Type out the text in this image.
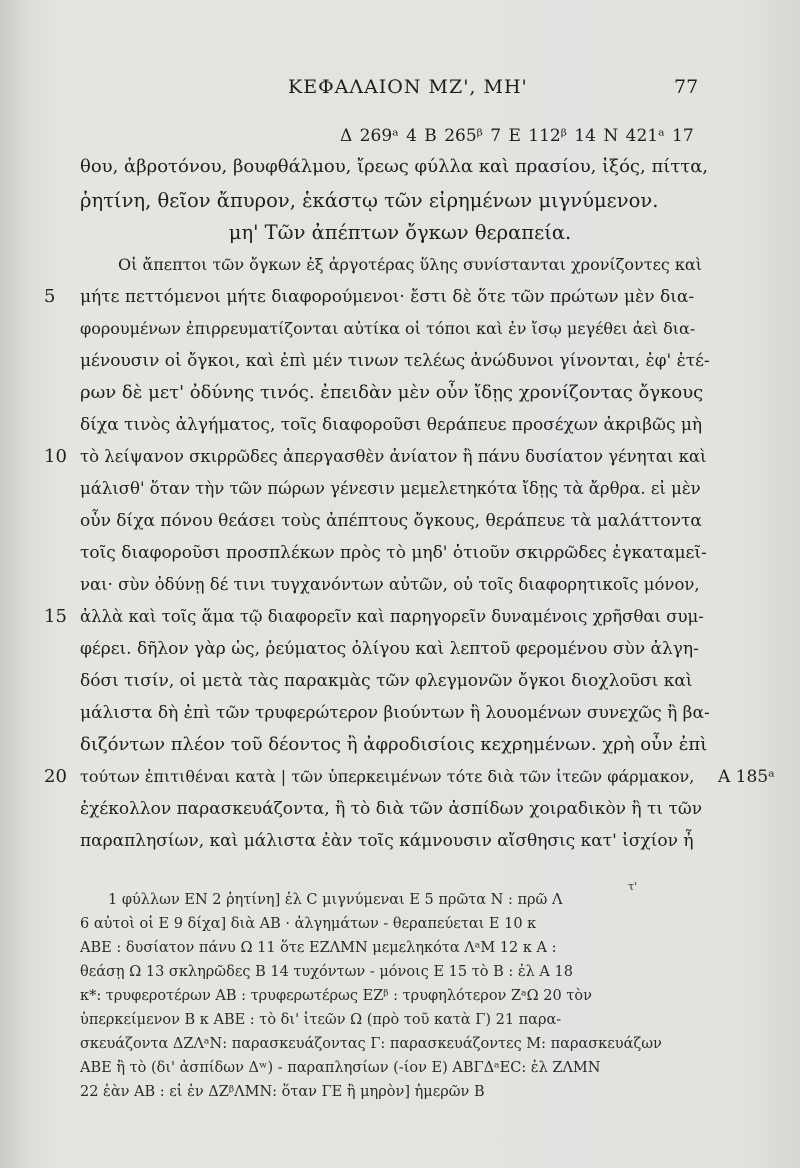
ΚΕΦΑΛΑΙΟΝ ΜΖ', ΜΗ'	77
Δ 269ᵃ 4 Β 265ᵝ 7 Ε 112ᵝ 14 Ν 421ᵃ 17
θου, ἀβροτόνου, βουφθάλμου, ἴρεως φύλλα καὶ πρασίου, ἰξός, πίττα,
ῥητίνη, θεῖον ἄπυρον, ἑκάστῳ τῶν εἰρημένων μιγνύμενον.
μη' Τῶν ἀπέπτων ὄγκων θεραπεία.
Οἱ ἄπεπτοι τῶν ὄγκων ἐξ ἀργοτέρας ὕλης συνίστανται χρονίζοντες καὶ
μήτε πεττόμενοι μήτε διαφορούμενοι· ἔστι δὲ ὅτε τῶν πρώτων μὲν δια-
φορουμένων ἐπιρρευματίζονται αὐτίκα οἱ τόποι καὶ ἐν ἴσῳ μεγέθει ἀεὶ δια-
μένουσιν οἱ ὄγκοι, καὶ ἐπὶ μέν τινων τελέως ἀνώδυνοι γίνονται, ἐφ' ἑτέ-
ρων δὲ μετ' ὀδύνης τινός. ἐπειδὰν μὲν οὖν ἴδῃς χρονίζοντας ὄγκους
δίχα τινὸς ἀλγήματος, τοῖς διαφοροῦσι θεράπευε προσέχων ἀκριβῶς μὴ
τὸ λείψανον σκιρρῶδες ἀπεργασθὲν ἀνίατον ἢ πάνυ δυσίατον γένηται καὶ
μάλισθ' ὅταν τὴν τῶν πώρων γένεσιν μεμελετηκότα ἴδῃς τὰ ἄρθρα. εἰ μὲν
οὖν δίχα πόνου θεάσει τοὺς ἀπέπτους ὄγκους, θεράπευε τὰ μαλάττοντα
τοῖς διαφοροῦσι προσπλέκων πρὸς τὸ μηδ' ὁτιοῦν σκιρρῶδες ἐγκαταμεῖ-
ναι· σὺν ὀδύνῃ δέ τινι τυγχανόντων αὐτῶν, οὐ τοῖς διαφορητικοῖς μόνον,
ἀλλὰ καὶ τοῖς ἅμα τῷ διαφορεῖν καὶ παρηγορεῖν δυναμένοις χρῆσθαι συμ-
φέρει. δῆλον γὰρ ὡς, ῥεύματος ὀλίγου καὶ λεπτοῦ φερομένου σὺν ἀλγη-
δόσι τισίν, οἱ μετὰ τὰς παρακμὰς τῶν φλεγμονῶν ὄγκοι διοχλοῦσι καὶ
μάλιστα δὴ ἐπὶ τῶν τρυφερώτερον βιούντων ἢ λουομένων συνεχῶς ἢ βα-
διζόντων πλέον τοῦ δέοντος ἢ ἀφροδισίοις κεχρημένων. χρὴ οὖν ἐπὶ
τούτων ἐπιτιθέναι κατὰ | τῶν ὑπερκειμένων τότε διὰ τῶν ἰτεῶν φάρμακον,
ἐχέκολλον παρασκευάζοντα, ἢ τὸ διὰ τῶν ἀσπίδων χοιραδικὸν ἢ τι τῶν
παραπλησίων, καὶ μάλιστα ἐὰν τοῖς κάμνουσιν αἴσθησις κατ' ἰσχίον ἦ
5
10
15
20	Α 185ᵃ
τ'
1 φύλλων ΕΝ 2 ῥητίνη] ἐλ C μιγνύμεναι Ε 5 πρῶτα Ν : πρῶ Λ
6 αὐτοὶ οἱ Ε 9 δίχα] διὰ ΑΒ · ἀλγημάτων - θεραπεύεται Ε 10 κ
ΑΒΕ : δυσίατον πάνυ Ω 11 ὅτε ΕΖΛΜΝ μεμεληκότα ΛᵃΜ 12 κ Α :
θεάσῃ Ω 13 σκληρῶδες Β 14 τυχόντων - μόνοις Ε 15 τὸ Β : ἐλ Α 18
κ*: τρυφεροτέρων ΑΒ : τρυφερωτέρως ΕΖᵝ : τρυφηλότερον ΖᵃΩ 20 τὸν
ὑπερκείμενον Β κ ΑΒΕ : τὸ δι' ἰτεῶν Ω (πρὸ τοῦ κατὰ Γ) 21 παρα-
σκευάζοντα ΔΖΛᵃΝ: παρασκευάζοντας Γ: παρασκευάζοντες Μ: παρασκευάζων
ΑΒΕ ἢ τὸ (δι' ἀσπίδων Δʷ) - παραπλησίων (-ίον Ε) ΑΒΓΔᵃΕC: ἐλ ΖΛΜΝ
22 ἐὰν ΑΒ : εἰ ἐν ΔΖᵝΛΜΝ: ὅταν ΓΕ ἢ μηρὸν] ἡμερῶν Β
